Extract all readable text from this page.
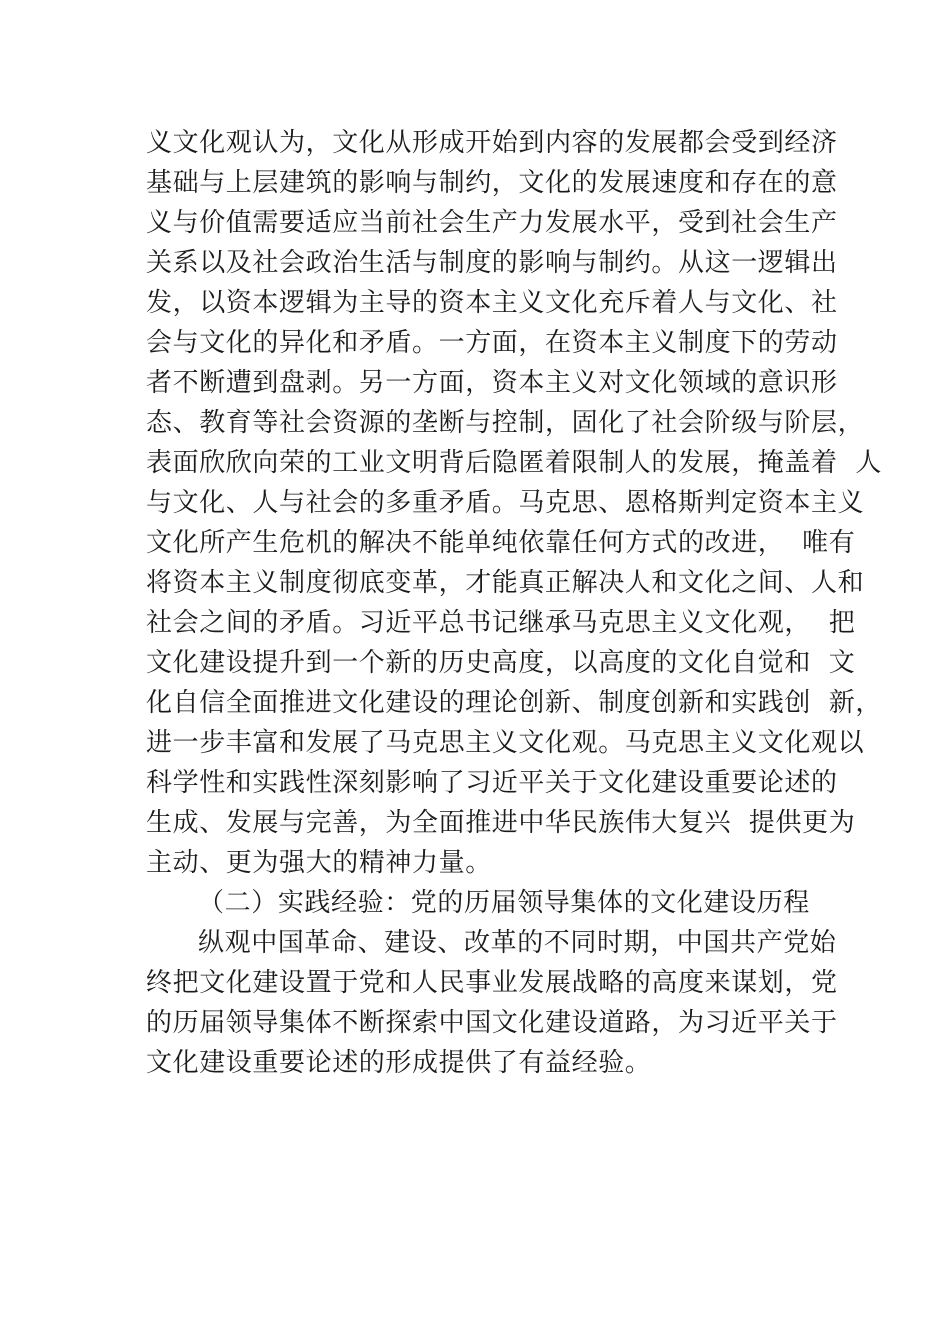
义文化观认为，文化从形成开始到内容的发展都会受到经济
基础与上层建筑的影响与制约，文化的发展速度和存在的意
义与价值需要适应当前社会生产力发展水平，受到社会生产
关系以及社会政治生活与制度的影响与制约。从这一逻辑出
发，以资本逻辑为主导的资本主义文化充斥着人与文化、社
会与文化的异化和矛盾。一方面，在资本主义制度下的劳动
者不断遭到盘剥。另一方面，资本主义对文化领域的意识形
态、教育等社会资源的垄断与控制，固化了社会阶级与阶层，
表面欣欣向荣的工业文明背后隐匿着限制人的发展，掩盖着  人
与文化、人与社会的多重矛盾。马克思、恩格斯判定资本主义
文化所产生危机的解决不能单纯依靠任何方式的改进，  唯有
将资本主义制度彻底变革，才能真正解决人和文化之间、人和
社会之间的矛盾。习近平总书记继承马克思主义文化观，  把
文化建设提升到一个新的历史高度，以高度的文化自觉和  文
化自信全面推进文化建设的理论创新、制度创新和实践创  新，
进一步丰富和发展了马克思主义文化观。马克思主义文化观以
科学性和实践性深刻影响了习近平关于文化建设重要论述的
生成、发展与完善，为全面推进中华民族伟大复兴  提供更为
主动、更为强大的精神力量。
（二）实践经验：党的历届领导集体的文化建设历程
纵观中国革命、建设、改革的不同时期，中国共产党始
终把文化建设置于党和人民事业发展战略的高度来谋划，党
的历届领导集体不断探索中国文化建设道路，为习近平关于
文化建设重要论述的形成提供了有益经验。
